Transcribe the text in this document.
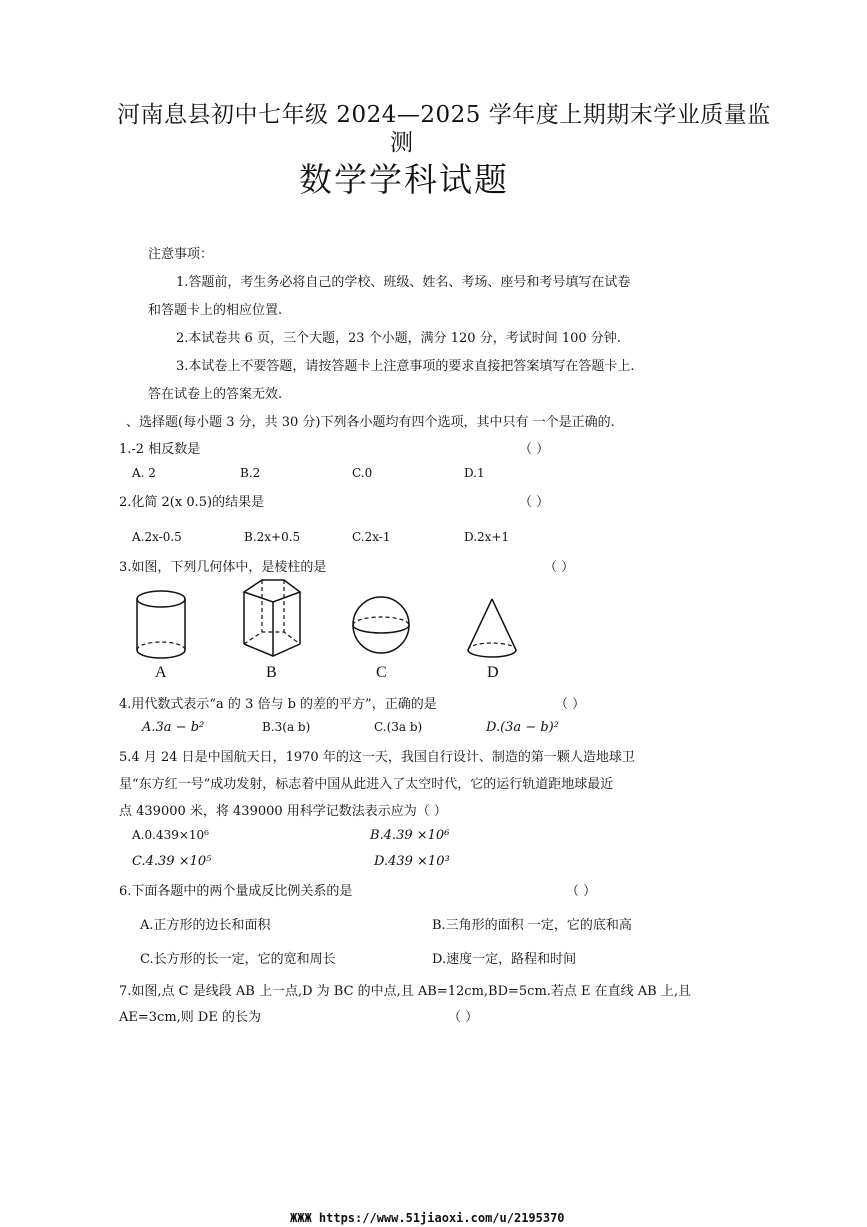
河南息县初中七年级 2024—2025 学年度上期期末学业质量监
测
数学学科试题
注意事项：
1.答题前，考生务必将自己的学校、班级、姓名、考场、座号和考号填写在试卷
和答题卡上的相应位置.
2.本试卷共 6 页，三个大题，23 个小题，满分 120 分，考试时间 100 分钟.
3.本试卷上不要答题，请按答题卡上注意事项的要求直接把答案填写在答题卡上.
答在试卷上的答案无效.
、选择题(每小题 3 分，共 30 分)下列各小题均有四个选项，其中只有 一个是正确的.
1.-2 相反数是	（ ）
A. 2	B.2	C.0	D.1
2.化简 2(x 0.5)的结果是	（ ）
A.2x-0.5	B.2x+0.5	C.2x-1	D.2x+1
3.如图，下列几何体中，是棱柱的是	（ ）
A	B	C	D
4.用代数式表示“a 的 3 倍与 b 的差的平方”，正确的是	（ ）
A.3a − b²	B.3(a b)	C.(3a b)	D.(3a − b)²
5.4 月 24 日是中国航天日，1970 年的这一天，我国自行设计、制造的第一颗人造地球卫
星“东方红一号”成功发射，标志着中国从此进入了太空时代，它的运行轨道距地球最近
点 439000 米，将 439000 用科学记数法表示应为（ ）
A.0.439×10⁶	B.4.39 ×10⁶
C.4.39 ×10⁵	D.439 ×10³
6.下面各题中的两个量成反比例关系的是	（ ）
A.正方形的边长和面积	B.三角形的面积 一定，它的底和高
C.长方形的长一定，它的宽和周长	D.速度一定，路程和时间
7.如图,点 C 是线段 AB 上一点,D 为 BC 的中点,且 AB=12cm,BD=5cm.若点 E 在直线 AB 上,且
AE=3cm,则 DE 的长为	（ ）
ЖЖЖ https://www.51jiaoxi.com/u/2195370
